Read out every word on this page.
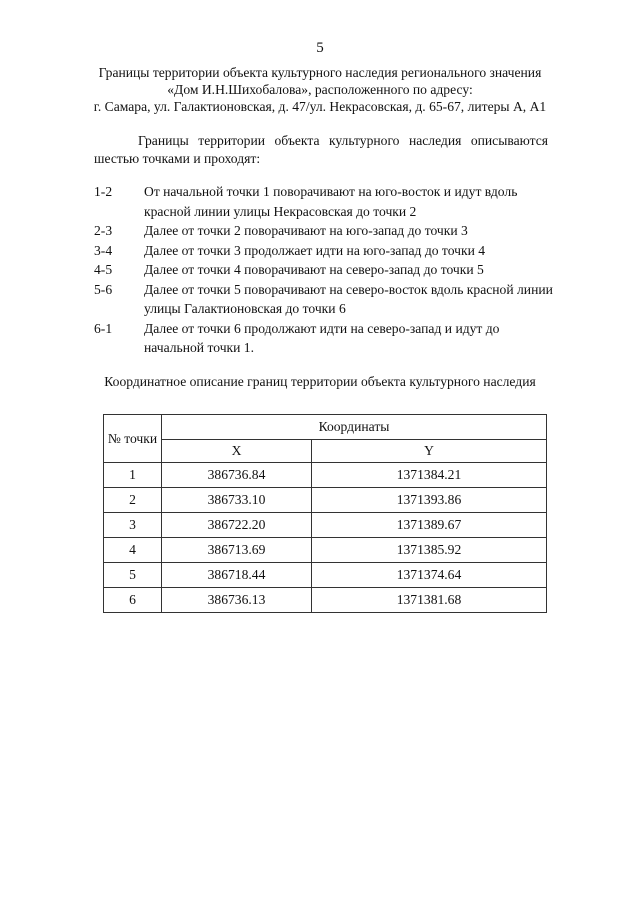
5
Границы территории объекта культурного наследия регионального значения
«Дом И.Н.Шихобалова», расположенного по адресу:
г. Самара, ул. Галактионовская, д. 47/ул. Некрасовская, д. 65-67, литеры А, А1
Границы территории объекта культурного наследия описываются шестью точками и проходят:
1-2	От начальной точки 1 поворачивают на юго-восток и идут вдоль красной линии улицы Некрасовская до точки 2
2-3	Далее от точки 2 поворачивают на юго-запад до точки 3
3-4	Далее от точки 3 продолжает идти на юго-запад до точки 4
4-5	Далее от точки 4 поворачивают на северо-запад до точки 5
5-6	Далее от точки 5 поворачивают на северо-восток вдоль красной линии улицы Галактионовская до точки 6
6-1	Далее от точки 6 продолжают идти на северо-запад и идут до начальной точки 1.
Координатное описание границ территории объекта культурного наследия
№ точки	Координаты	
	X	Y
1	386736.84	1371384.21
2	386733.10	1371393.86
3	386722.20	1371389.67
4	386713.69	1371385.92
5	386718.44	1371374.64
6	386736.13	1371381.68
